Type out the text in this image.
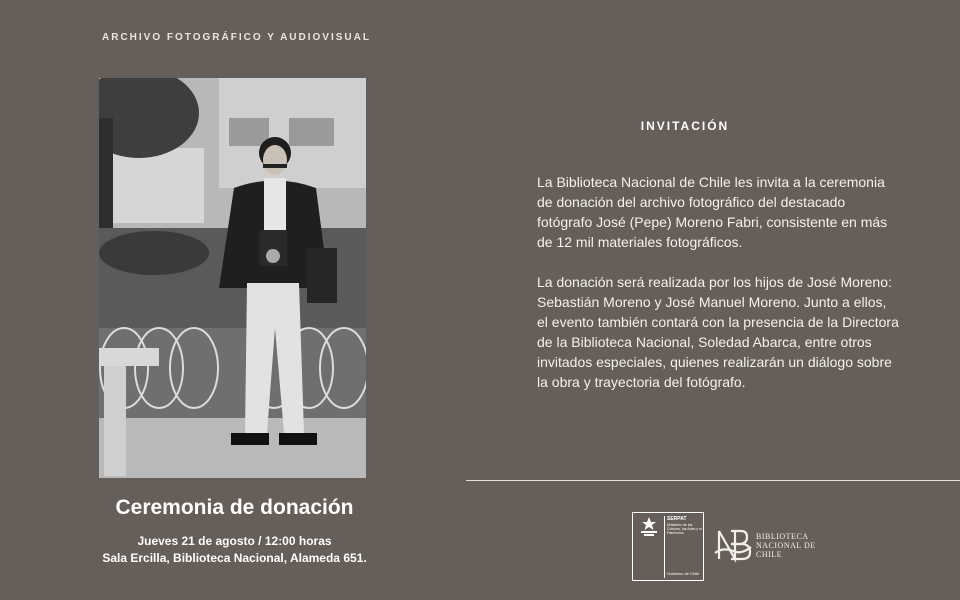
ARCHIVO FOTOGRÁFICO Y AUDIOVISUAL
Ceremonia de donación
Jueves 21 de agosto / 12:00 horas
Sala Ercilla, Biblioteca Nacional, Alameda 651.
INVITACIÓN

La Biblioteca Nacional de Chile les invita a la ceremonia de donación del archivo fotográfico del destacado fotógrafo José (Pepe) Moreno Fabri, consistente en más de 12 mil materiales fotográficos.

La donación será realizada por los hijos de José Moreno: Sebastián Moreno y José Manuel Moreno. Junto a ellos, el evento también contará con la presencia de la Directora de la Biblioteca Nacional, Soledad Abarca, entre otros invitados especiales, quienes realizarán un diálogo sobre la obra y trayectoria del fotógrafo.

SERPAT
Ministerio de las Culturas, las Artes y el Patrimonio
Gobierno de Chile
BIBLIOTECA NACIONAL DE CHILE
